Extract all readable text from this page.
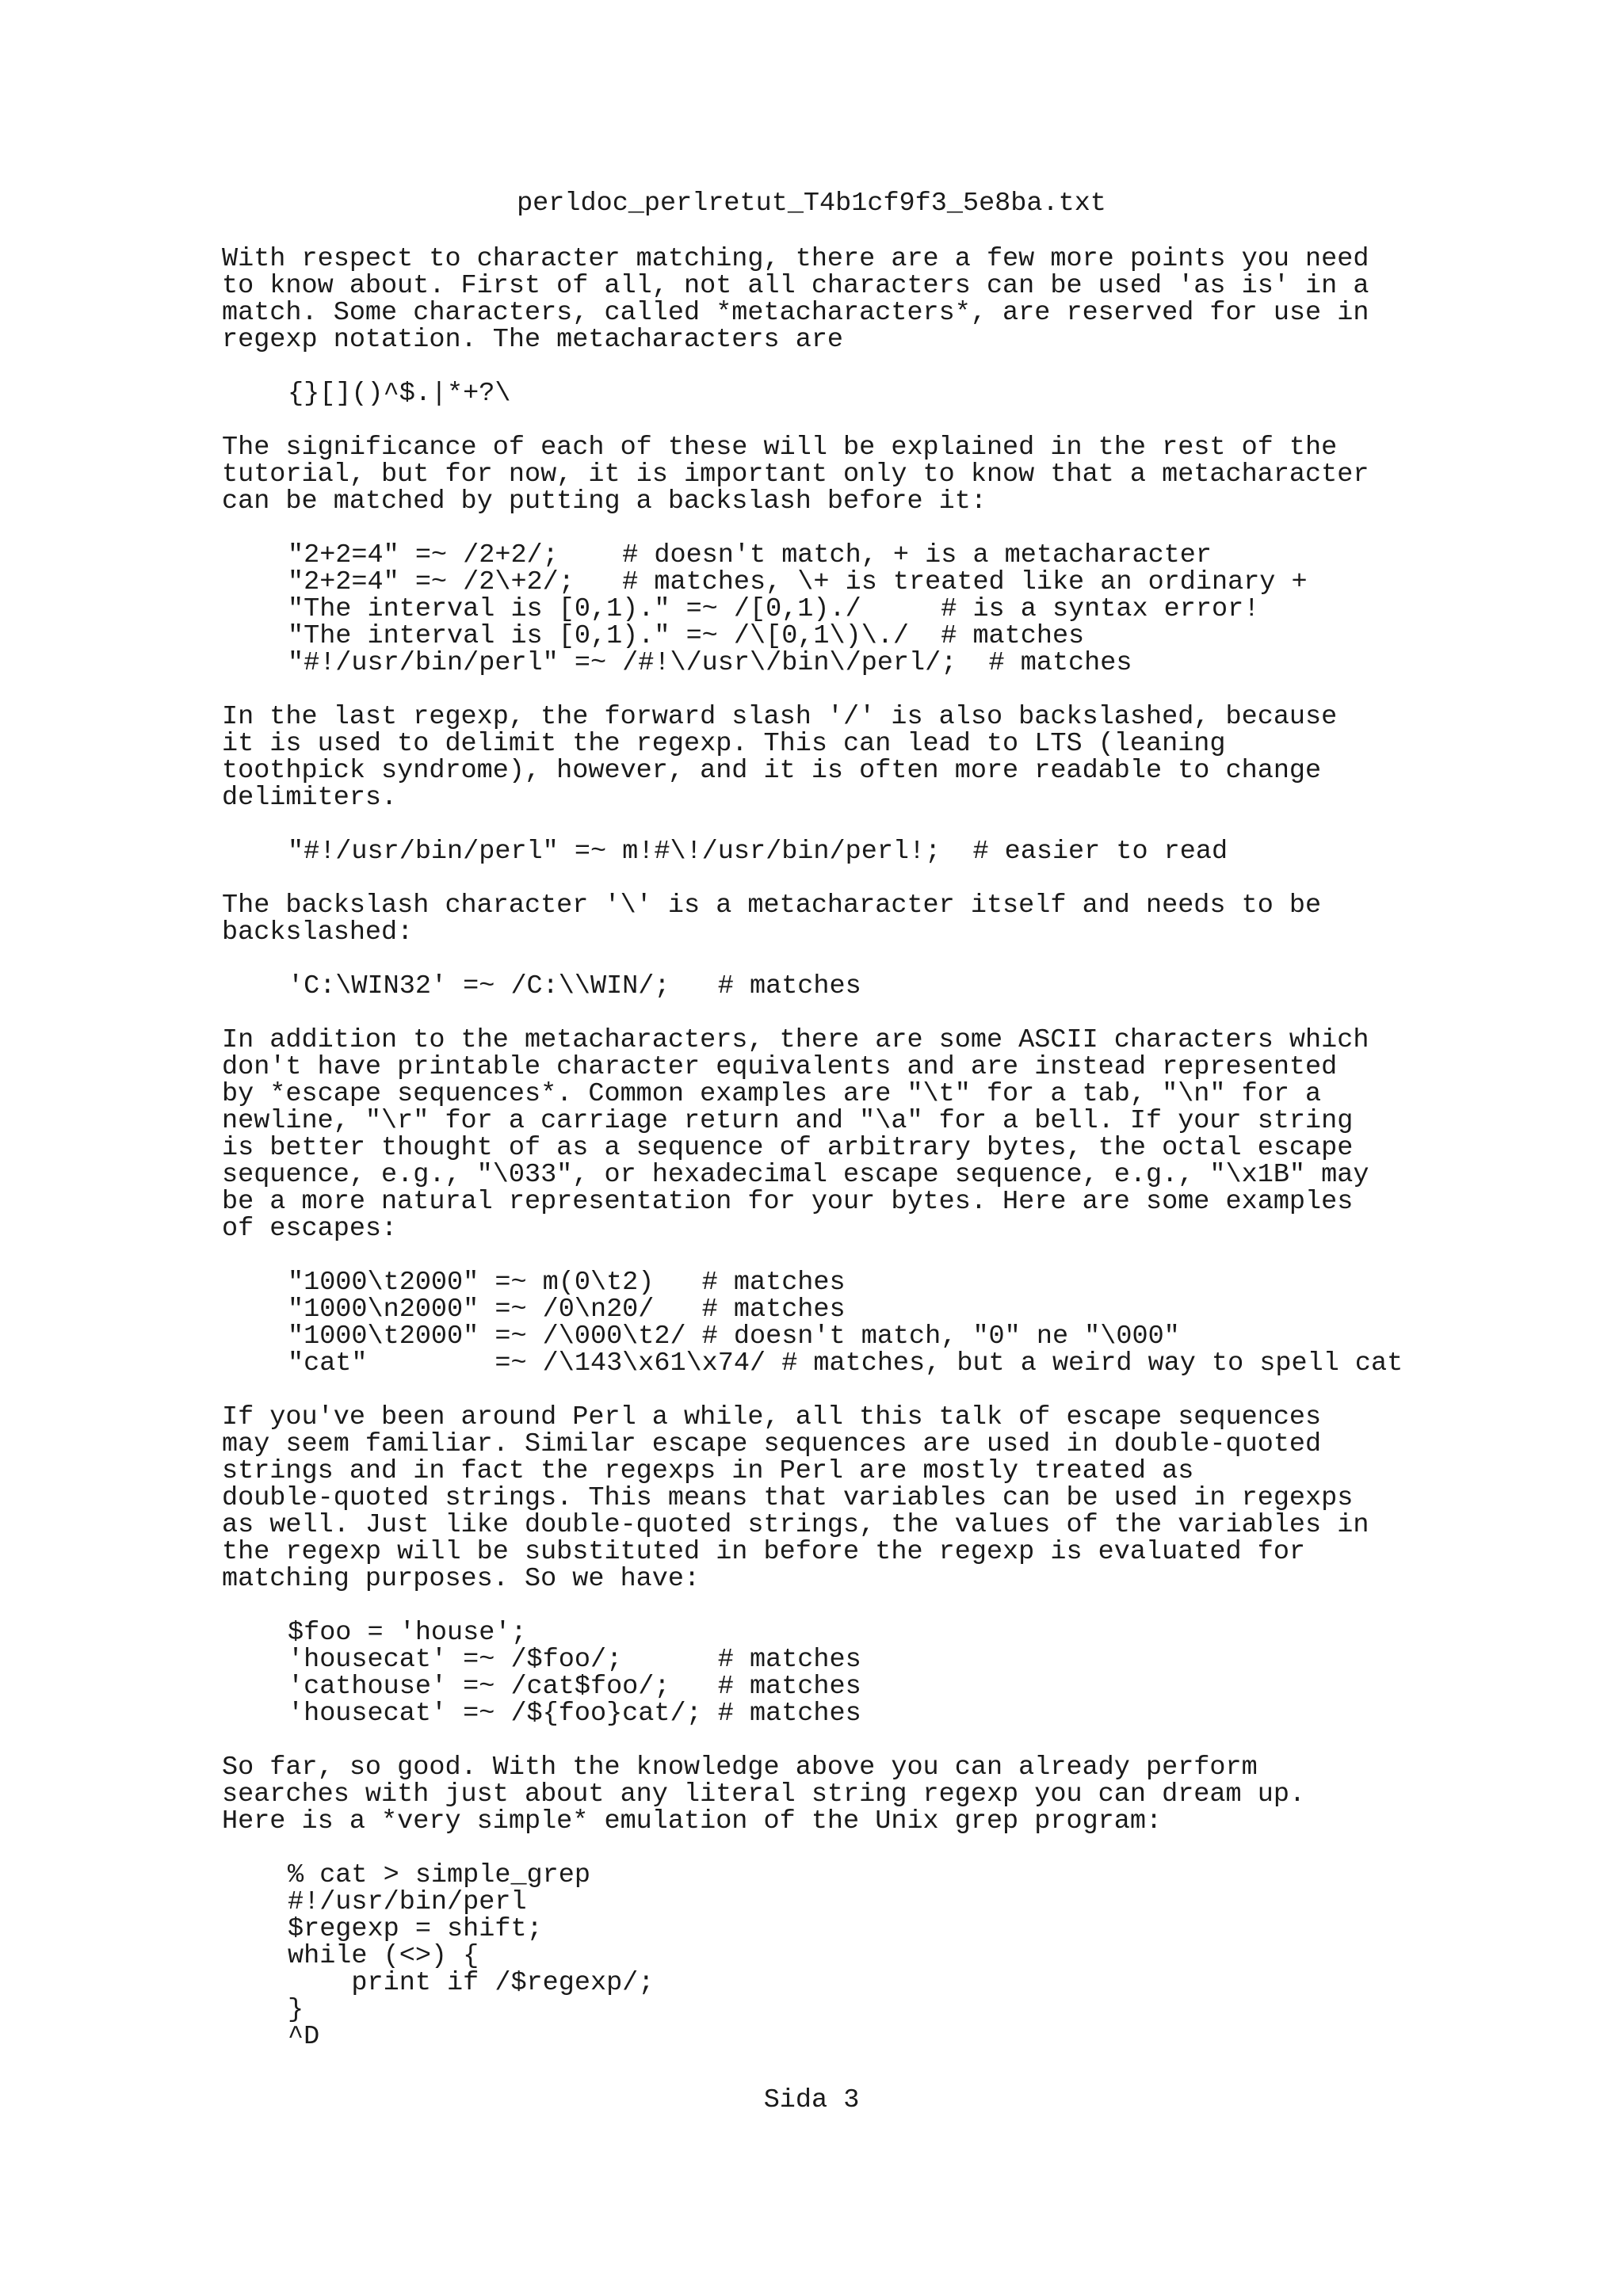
perldoc_perlretut_T4b1cf9f3_5e8ba.txt
With respect to character matching, there are a few more points you need
to know about. First of all, not all characters can be used 'as is' in a
match. Some characters, called *metacharacters*, are reserved for use in
regexp notation. The metacharacters are
{}[]()^$.|*+?\
The significance of each of these will be explained in the rest of the
tutorial, but for now, it is important only to know that a metacharacter
can be matched by putting a backslash before it:
"2+2=4" =~ /2+2/;    # doesn't match, + is a metacharacter
"2+2=4" =~ /2\+2/;   # matches, \+ is treated like an ordinary +
"The interval is [0,1)." =~ /[0,1)./     # is a syntax error!
"The interval is [0,1)." =~ /\[0,1\)\./  # matches
"#!/usr/bin/perl" =~ /#!\/usr\/bin\/perl/;  # matches
In the last regexp, the forward slash '/' is also backslashed, because
it is used to delimit the regexp. This can lead to LTS (leaning
toothpick syndrome), however, and it is often more readable to change
delimiters.
"#!/usr/bin/perl" =~ m!#\!/usr/bin/perl!;  # easier to read
The backslash character '\' is a metacharacter itself and needs to be
backslashed:
'C:\WIN32' =~ /C:\\WIN/;   # matches
In addition to the metacharacters, there are some ASCII characters which
don't have printable character equivalents and are instead represented
by *escape sequences*. Common examples are "\t" for a tab, "\n" for a
newline, "\r" for a carriage return and "\a" for a bell. If your string
is better thought of as a sequence of arbitrary bytes, the octal escape
sequence, e.g., "\033", or hexadecimal escape sequence, e.g., "\x1B" may
be a more natural representation for your bytes. Here are some examples
of escapes:
"1000\t2000" =~ m(0\t2)   # matches
"1000\n2000" =~ /0\n20/   # matches
"1000\t2000" =~ /\000\t2/ # doesn't match, "0" ne "\000"
"cat"        =~ /\143\x61\x74/ # matches, but a weird way to spell cat
If you've been around Perl a while, all this talk of escape sequences
may seem familiar. Similar escape sequences are used in double-quoted
strings and in fact the regexps in Perl are mostly treated as
double-quoted strings. This means that variables can be used in regexps
as well. Just like double-quoted strings, the values of the variables in
the regexp will be substituted in before the regexp is evaluated for
matching purposes. So we have:
$foo = 'house';
'housecat' =~ /$foo/;      # matches
'cathouse' =~ /cat$foo/;   # matches
'housecat' =~ /${foo}cat/; # matches
So far, so good. With the knowledge above you can already perform
searches with just about any literal string regexp you can dream up.
Here is a *very simple* emulation of the Unix grep program:
% cat > simple_grep
#!/usr/bin/perl
$regexp = shift;
while (<>) {
print if /$regexp/;
}
^D
Sida 3
